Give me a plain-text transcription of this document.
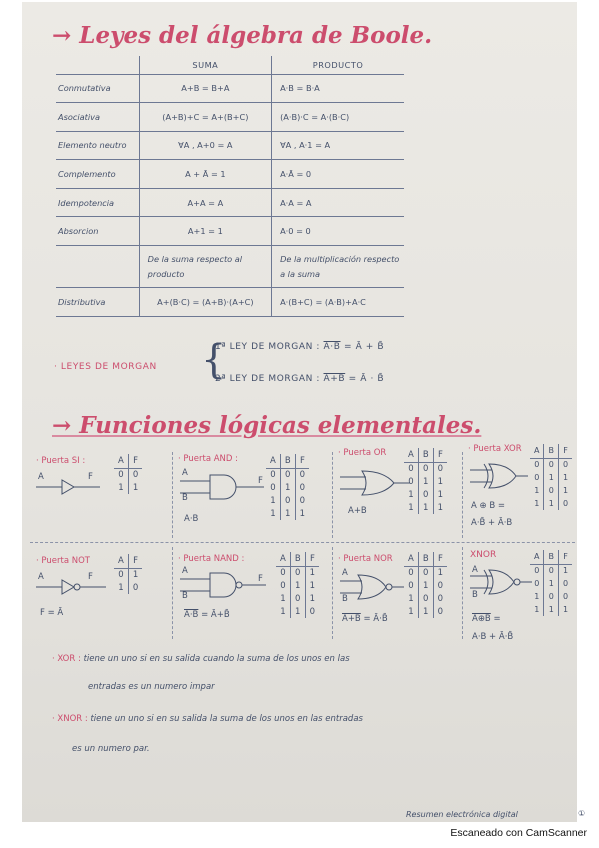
→ Leyes del álgebra de Boole.
	SUMA	PRODUCTO
Conmutativa	A+B = B+A	A·B = B·A
Asociativa	(A+B)+C = A+(B+C)	(A·B)·C = A·(B·C)
Elemento neutro	∀A , A+0 = A	∀A , A·1 = A
Complemento	A + Ā = 1	A·Ā = 0
Idempotencia	A+A = A	A·A = A
Absorcion	A+1 = 1	A·0 = 0
	De la suma respecto al producto	De la multiplicación respecto a la suma
Distributiva	A+(B·C) = (A+B)·(A+C)	A·(B+C) = (A·B)+A·C
· LEYES DE MORGAN {
1ª LEY DE MORGAN : A·B = Ā + B̄
2ª LEY DE MORGAN : A+B = Ā · B̄
→ Funciones lógicas elementales.
· Puerta SI :
A	F
A	F
0	0
1	1
· Puerta AND :
A
B
F
A·B
A	B	F
0	0	0
0	1	0
1	0	0
1	1	1
· Puerta OR
A+B
A	B	F
0	0	0
0	1	1
1	0	1
1	1	1
· Puerta XOR
A ⊕ B =
A·B̄ + Ā·B
A	B	F
0	0	0
0	1	1
1	0	1
1	1	0
· Puerta NOT
A	F
F = Ā
A	F
0	1
1	0
· Puerta NAND :
A
B
F
A·B = Ā+B̄
A	B	F
0	0	1
0	1	1
1	0	1
1	1	0
· Puerta NOR
A
B
A+B = Ā·B̄
A	B	F
0	0	1
0	1	0
1	0	0
1	1	0
XNOR
A
B
A⊕B =
A·B + Ā·B̄
A	B	F
0	0	1
0	1	0
1	0	0
1	1	1
· XOR : tiene un uno si en su salida cuando la suma de los unos en las
entradas es un numero impar
· XNOR : tiene un uno si en su salida la suma de los unos en las entradas
es un numero par.
Resumen electrónica digital	①
Escaneado con CamScanner
